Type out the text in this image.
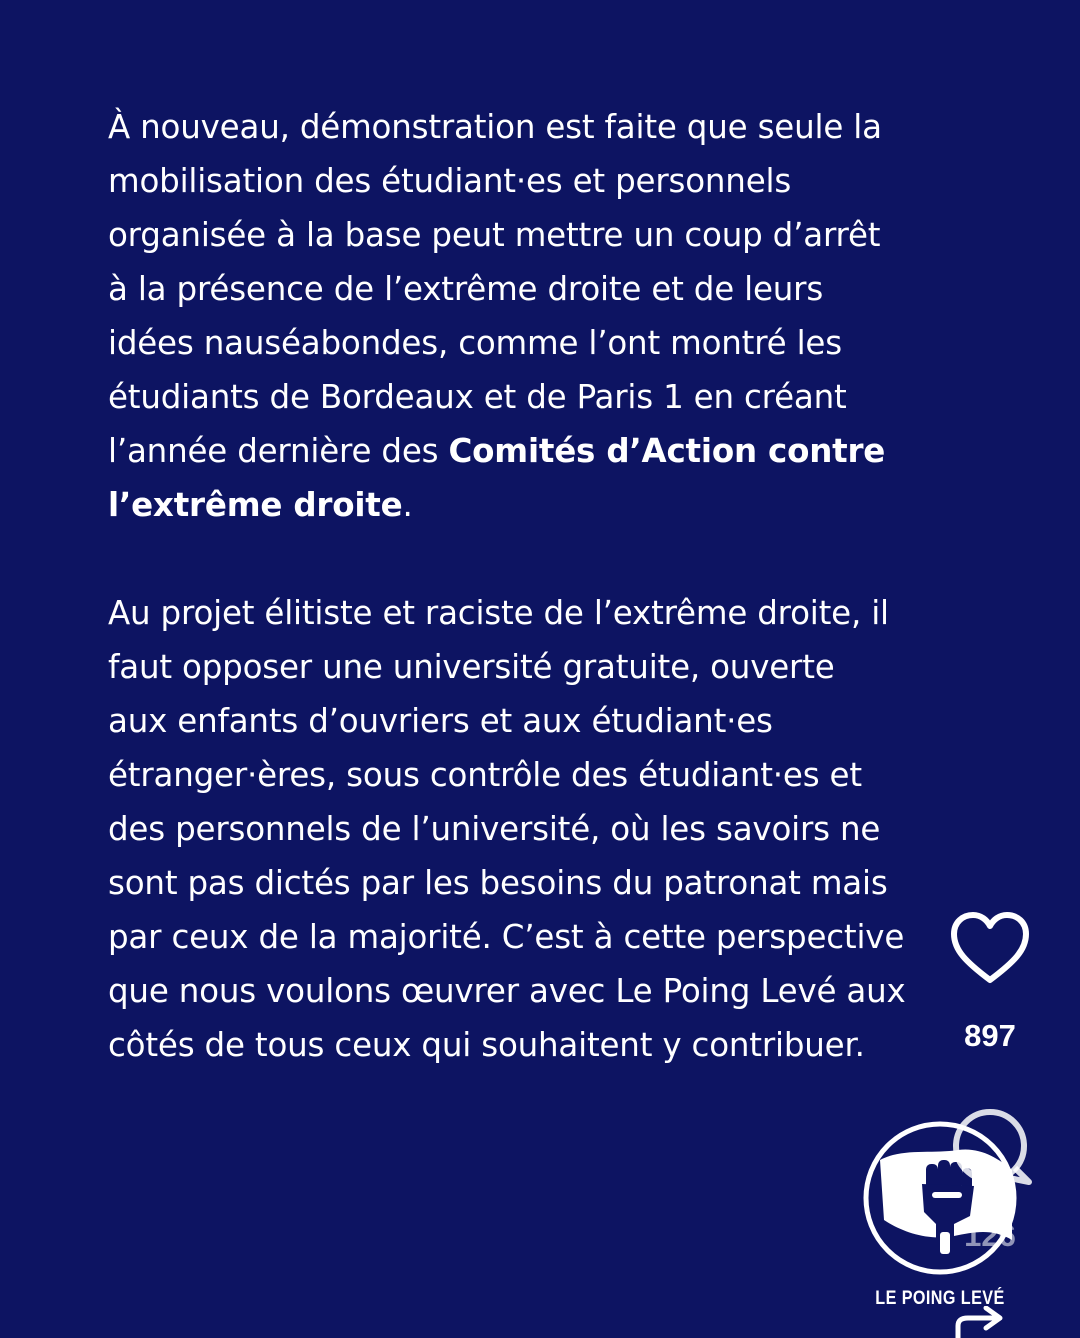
À nouveau, démonstration est faite que seule la
mobilisation des étudiant·es et personnels
organisée à la base peut mettre un coup d’arrêt
à la présence de l’extrême droite et de leurs
idées nauséabondes, comme l’ont montré les
étudiants de Bordeaux et de Paris 1 en créant
l’année dernière des Comités d’Action contre
l’extrême droite.
Au projet élitiste et raciste de l’extrême droite, il
faut opposer une université gratuite, ouverte
aux enfants d’ouvriers et aux étudiant·es
étranger·ères, sous contrôle des étudiant·es et
des personnels de l’université, où les savoirs ne
sont pas dictés par les besoins du patronat mais
par ceux de la majorité. C’est à cette perspective
que nous voulons œuvrer avec Le Poing Levé aux
côtés de tous ceux qui souhaitent y contribuer.	897
LE POING LEVÉ
126
